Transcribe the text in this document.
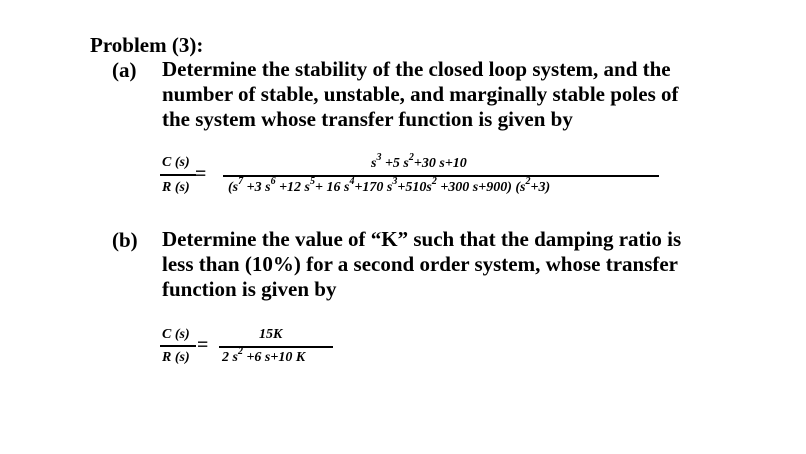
Problem (3):
(a) Determine the stability of the closed loop system, and the
number of stable, unstable, and marginally stable poles of
the system whose transfer function is given by
C (s)
R (s)
=	$s^3 +5$ $s^2+30$ s+10
($s^7 +3$ $s^6 +12$ $s^5+ 16$ $s^4+170$ $s^3+510s^2 +300$ s+900) $(s^2+3)$
(b) Determine the value of “K” such that the damping ratio is
less than (10%) for a second order system, whose transfer
function is given by
C (s)
R (s)
=	15K
2 $s^2 +6$ s+10 K
